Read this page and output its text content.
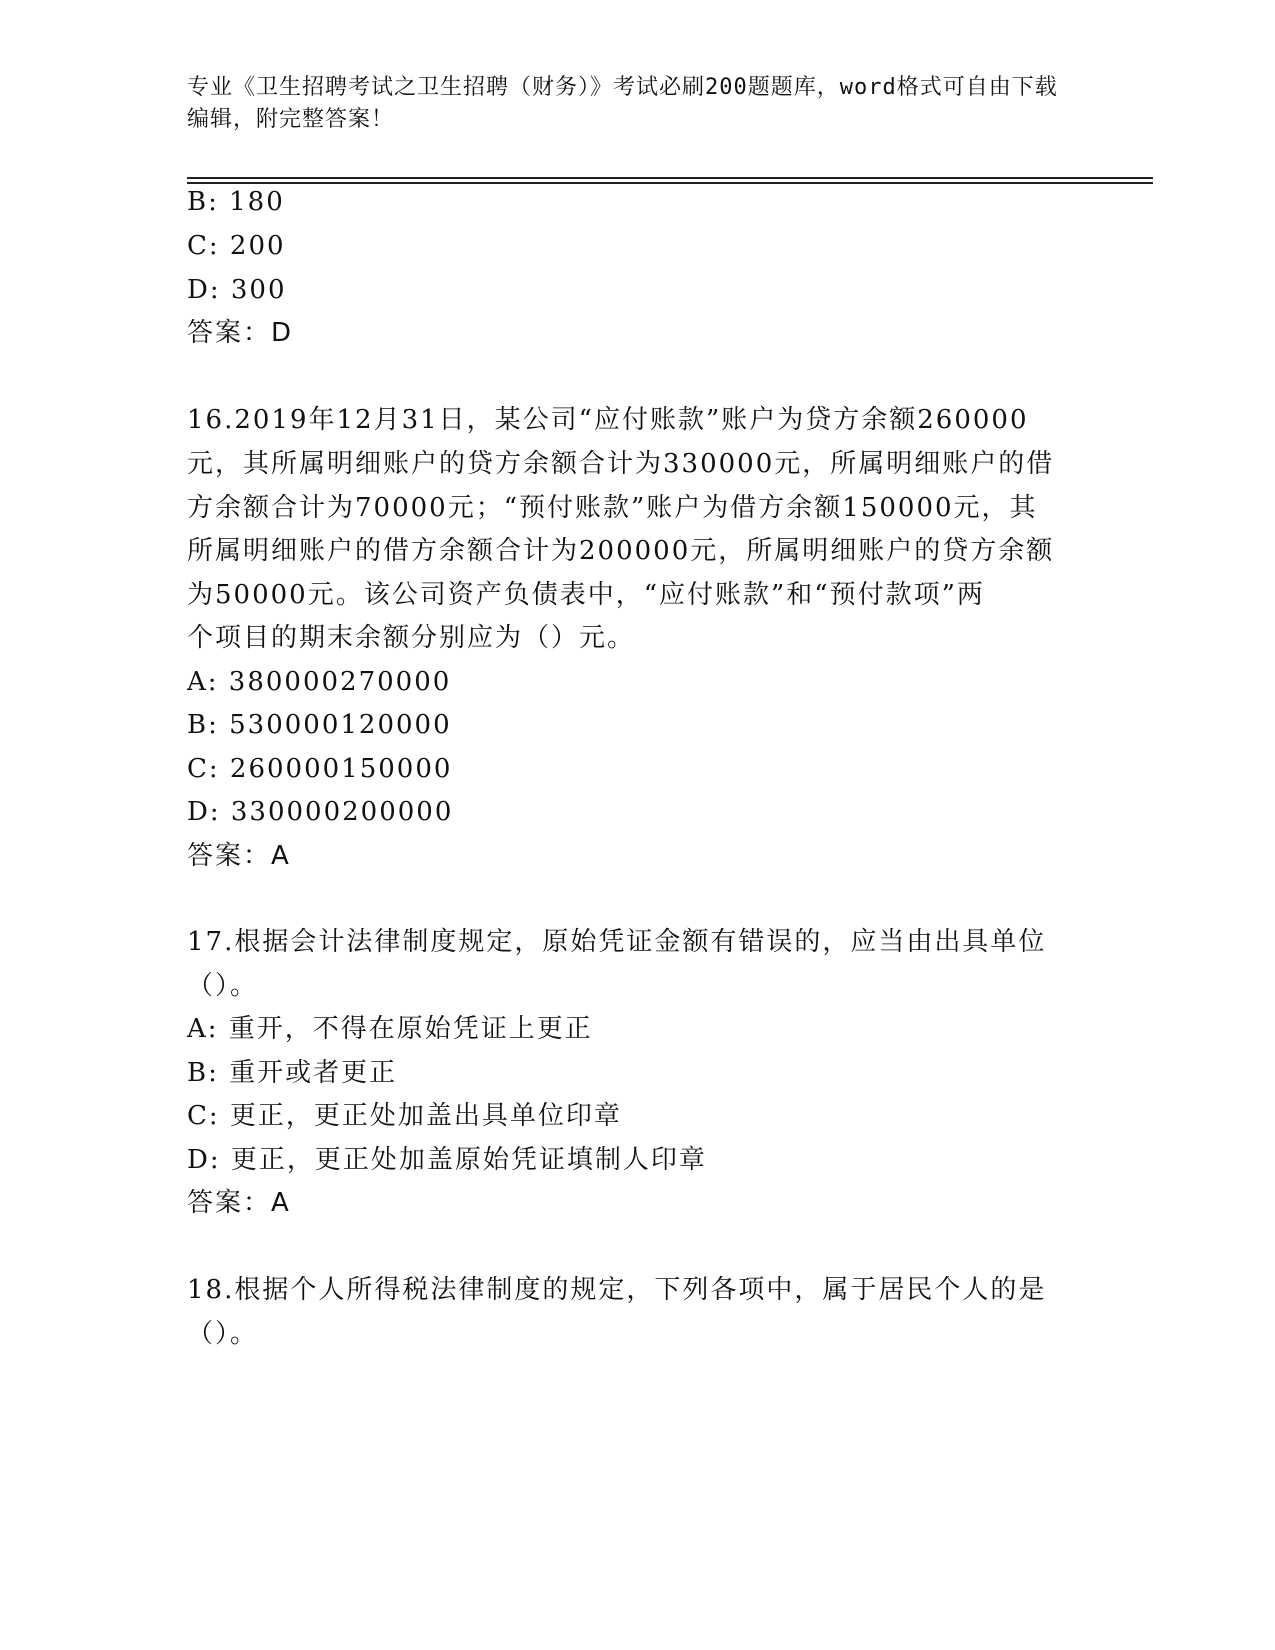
专业《卫生招聘考试之卫生招聘（财务）》考试必刷200题题库，word格式可自由下载编辑，附完整答案！
B: 180
C: 200
D: 300
答案：D
16.2019年12月31日，某公司“应付账款”账户为贷方余额260000
元，其所属明细账户的贷方余额合计为330000元，所属明细账户的借
方余额合计为70000元；“预付账款”账户为借方余额150000元，其
所属明细账户的借方余额合计为200000元，所属明细账户的贷方余额
为50000元。该公司资产负债表中，“应付账款”和“预付款项”两
个项目的期末余额分别应为（）元。
A: 380000270000
B: 530000120000
C: 260000150000
D: 330000200000
答案：A
17.根据会计法律制度规定，原始凭证金额有错误的，应当由出具单位
（）。
A: 重开，不得在原始凭证上更正
B: 重开或者更正
C: 更正，更正处加盖出具单位印章
D: 更正，更正处加盖原始凭证填制人印章
答案：A
18.根据个人所得税法律制度的规定，下列各项中，属于居民个人的是
（）。
